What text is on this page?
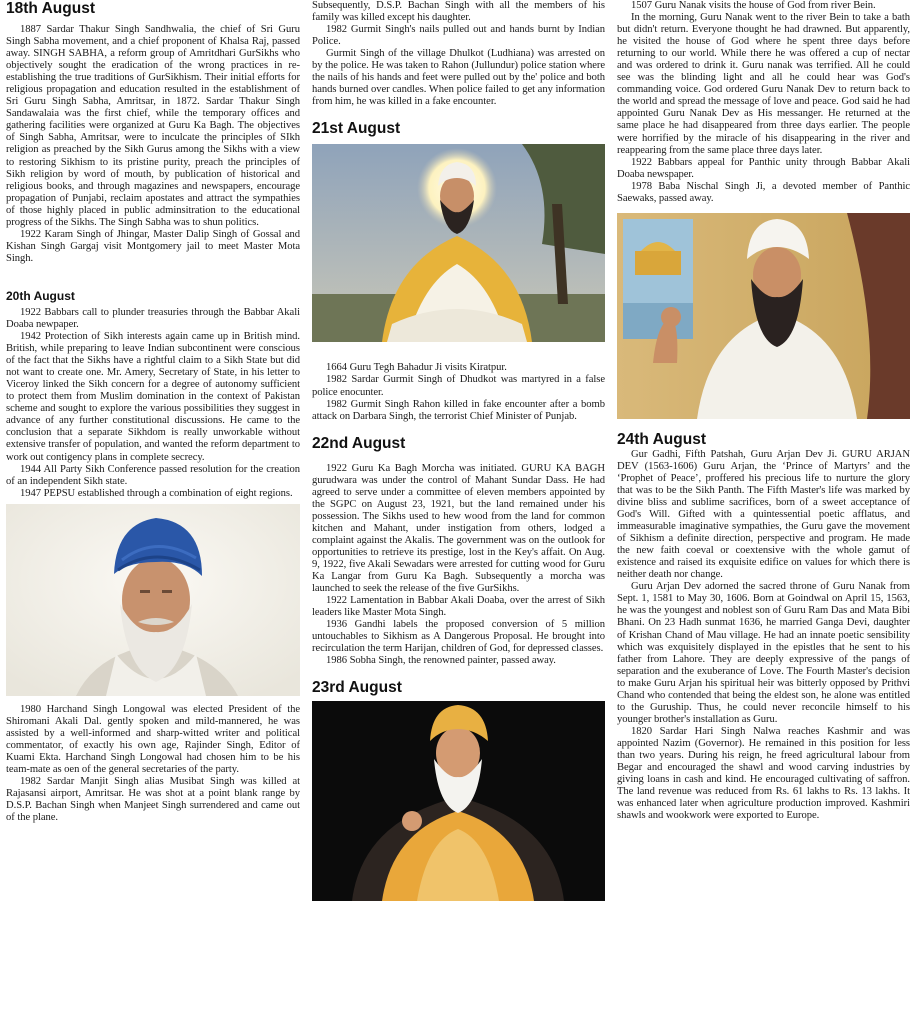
18th August

1887 Sardar Thakur Singh Sandhwalia, the chief of Sri Guru Singh Sabha movement, and a chief proponent of Khalsa Raj, passed away. SINGH SABHA, a reform group of Amritdhari GurSikhs who objectively sought the eradication of the wrong practices in re-establishing the true traditions of GurSikhism. Their initial efforts for religious propagation and education resulted in the establishment of Sri Guru Singh Sabha, Amritsar, in 1872. Sardar Thakur Singh Sandawalaia was the first chief, while the temporary offices and gathering facilities were organized at Guru Ka Bagh. The objectives of Singh Sabha, Amritsar, were to inculcate the principles of SIkh religion as preached by the Sikh Gurus among the Sikhs with a view to restoring Sikhism to its pristine purity, preach the principles of Sikh religion by word of mouth, by publication of historical and religious books, and through magazines and newspapers, encourage propagation of Punjabi, reclaim apostates and attract the sympathies of those highly placed in public adminsitration to the educational progress of the Sikhs. The Singh Sabha was to shun politics.

1922 Karam Singh of Jhingar, Master Dalip Singh of Gossal and Kishan Singh Gargaj visit Montgomery jail to meet Master Mota Singh.

20th August

1922 Babbars call to plunder treasuries through the Babbar Akali Doaba newpaper.

1942 Protection of Sikh interests again came up in British mind. British, while preparing to leave Indian subcontinent were conscious of the fact that the Sikhs have a rightful claim to a Sikh State but did not want to create one. Mr. Amery, Secretary of State, in his letter to Viceroy linked the Sikh concern for a degree of autonomy sufficient to protect them from Muslim domination in the context of Pakistan scheme and sought to explore the various possibilities they suggest in advance of any further constitutional discussions. He came to the conclusion that a separate Sikhdom is really unworkable without extensive transfer of population, and wanted the reform department to work out contigency plans in complete secrecy.

1944 All Party Sikh Conference passed resolution for the creation of an independent Sikh state.

1947 PEPSU established through a combination of eight regions.

1980 Harchand Singh Longowal was elected President of the Shiromani Akali Dal. gently spoken and mild-mannered, he was assisted by a well-informed and sharp-witted writer and political commentator, of exactly his own age, Rajinder Singh, Editor of Kuami Ekta. Harchand Singh Longowal had chosen him to be his team-mate as oen of the general secretaries of the party.

1982 Sardar Manjit Singh alias Musibat Singh was killed at Rajasansi airport, Amritsar. He was shot at a point blank range by D.S.P. Bachan Singh when Manjeet Singh surrendered and came out of the plane.

Subsequently, D.S.P. Bachan Singh with all the members of his family was killed except his daughter.

1982 Gurmit Singh's nails pulled out and hands burnt by Indian Police.

Gurmit Singh of the village Dhulkot (Ludhiana) was arrested on by the police. He was taken to Rahon (Jullundur) police station where the nails of his hands and feet were pulled out by the' police and both hands burned over candles. When police failed to get any information from him, he was killed in a fake encounter.

21st August

1664 Guru Tegh Bahadur Ji visits Kiratpur.

1982 Sardar Gurmit Singh of Dhudkot was martyred in a false police enocunter.

1982 Gurmit Singh Rahon killed in fake encounter after a bomb attack on Darbara Singh, the terrorist Chief Minister of Punjab.

22nd August

1922 Guru Ka Bagh Morcha was initiated. GURU KA BAGH gurudwara was under the control of Mahant Sundar Dass. He had agreed to serve under a committee of eleven members appointed by the SGPC on August 23, 1921, but the land remained under his possession. The Sikhs used to hew wood from the land for common kitchen and Mahant, under instigation from others, lodged a complaint against the Akalis. The government was on the outlook for opportunities to retrieve its prestige, lost in the Key's affait. On Aug. 9, 1922, five Akali Sewadars were arrested for cutting wood for Guru Ka Langar from Guru Ka Bagh. Subsequently a morcha was launched to seek the release of the five GurSikhs.

1922 Lamentation in Babbar Akali Doaba, over the arrest of Sikh leaders like Master Mota Singh.

1936 Gandhi labels the proposed conversion of 5 million untouchables to Sikhism as A Dangerous Proposal. He brought into recirculation the term Harijan, children of God, for depressed classes.

1986 Sobha Singh, the renowned painter, passed away.

23rd August

1507 Guru Nanak visits the house of God from river Bein.

In the morning, Guru Nanak went to the river Bein to take a bath but didn't return. Everyone thought he had drawned. But apparently, he visited the house of God where he spent three days before returning to our world. While there he was offered a cup of nectar and was ordered to drink it. Guru nanak was terrified. All he could see was the blinding light and all he could hear was God's commanding voice. God ordered Guru Nanak Dev to return back to the world and spread the message of love and peace. God said he had appointed Guru Nanak Dev as His messanger. He returned at the same place he had disappeared from three days earlier. The people were horrified by the miracle of his disappearing in the river and reappearing from the same place three days later.

1922 Babbars appeal for Panthic unity through Babbar Akali Doaba newspaper.

1978 Baba Nischal Singh Ji, a devoted member of Panthic Saewaks, passed away.

24th August

Gur Gadhi, Fifth Patshah, Guru Arjan Dev Ji. GURU ARJAN DEV (1563-1606) Guru Arjan, the ‘Prince of Martyrs’ and the ‘Prophet of Peace’, proffered his precious life to nurture the glory that was to be the Sikh Panth. The Fifth Master's life was marked by divine bliss and sublime sacrifices, born of a sweet acceptance of God's Will. Gifted with a quintessential poetic afflatus, and immeasurable imaginative sympathies, the Guru gave the movement of Sikhism a definite direction, perspective and program. He made the new faith coeval or coextensive with the whole gamut of existence and raised its exquisite edifice on values for which there is neither death nor change.

Guru Arjan Dev adorned the sacred throne of Guru Nanak from Sept. 1, 1581 to May 30, 1606. Born at Goindwal on April 15, 1563, he was the youngest and noblest son of Guru Ram Das and Mata Bibi Bhani. On 23 Hadh sunmat 1636, he married Ganga Devi, daughter of Krishan Chand of Mau village. He had an innate poetic sensibility which was exquisitely displayed in the epistles that he sent to his father from Lahore. They are deeply expressive of the pangs of separation and the exuberance of Love. The Fourth Master's decision to make Guru Arjan his spiritual heir was bitterly opposed by Prithvi Chand who contended that being the eldest son, he alone was entitled to the Guruship. Thus, he could never reconcile himself to his younger brother's installation as Guru.

1820 Sardar Hari Singh Nalwa reaches Kashmir and was appointed Nazim (Governor). He remained in this position for less than two years. During his reign, he freed agricultural labour from Begar and encouraged the shawl and wood carving industries by giving loans in cash and kind. He encouraged cultivating of saffron. The land revenue was reduced from Rs. 61 lakhs to Rs. 13 lakhs. It was enhanced later when agriculture production improved. Kashmiri shawls and wookwork were exported to Europe.
